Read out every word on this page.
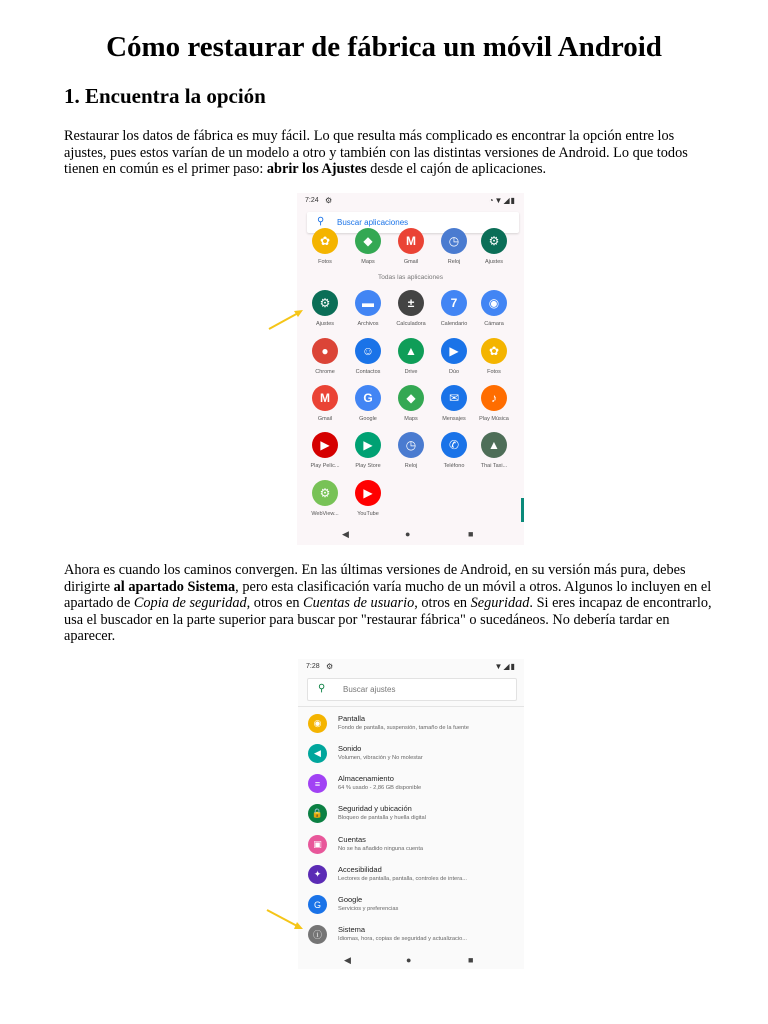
Cómo restaurar de fábrica un móvil Android
1. Encuentra la opción

Restaurar los datos de fábrica es muy fácil. Lo que resulta más complicado es encontrar la opción entre los ajustes, pues estos varían de un modelo a otro y también con las distintas versiones de Android. Lo que todos tienen en común es el primer paso: abrir los Ajustes desde el cajón de aplicaciones.

7:24 ⚙	◔▼◢▮
⚲ Buscar aplicaciones
Todas las aplicaciones
◀	●	■
✿
Fotos
◆
Maps
M
Gmail
◷
Reloj
⚙
Ajustes
⚙
Ajustes
▬
Archivos
±
Calculadora
7
Calendario
◉
Cámara
●
Chrome
☺
Contactos
▲
Drive
▶
Dúo
✿
Fotos
M
Gmail
G
Google
◆
Maps
✉
Mensajes
♪
Play Música
▶
Play Pelíc...
▶
Play Store
◷
Reloj
✆
Teléfono
▲
Thai Taxi...
⚙
WebView...
▶
YouTube

Ahora es cuando los caminos convergen. En las últimas versiones de Android, en su versión más pura, debes dirigirte al apartado Sistema, pero esta clasificación varía mucho de un móvil a otros. Algunos lo incluyen en el apartado de Copia de seguridad, otros en Cuentas de usuario, otros en Seguridad. Si eres incapaz de encontrarlo, usa el buscador en la parte superior para buscar por "restaurar fábrica" o sucedáneos. No debería tardar en aparecer.

7:28 ⚙	▼◢▮
⚲ Buscar ajustes
◉	Pantalla
Fondo de pantalla, suspensión, tamaño de la fuente
◀	Sonido
Volumen, vibración y No molestar
≡	Almacenamiento
64 % usado - 2,86 GB disponible
🔒	Seguridad y ubicación
Bloqueo de pantalla y huella digital
▣	Cuentas
No se ha añadido ninguna cuenta
✦	Accesibilidad
Lectores de pantalla, pantalla, controles de intera...
G	Google
Servicios y preferencias
ⓘ
Sistema
Idiomas, hora, copias de seguridad y actualizacio...
◀	●	■
